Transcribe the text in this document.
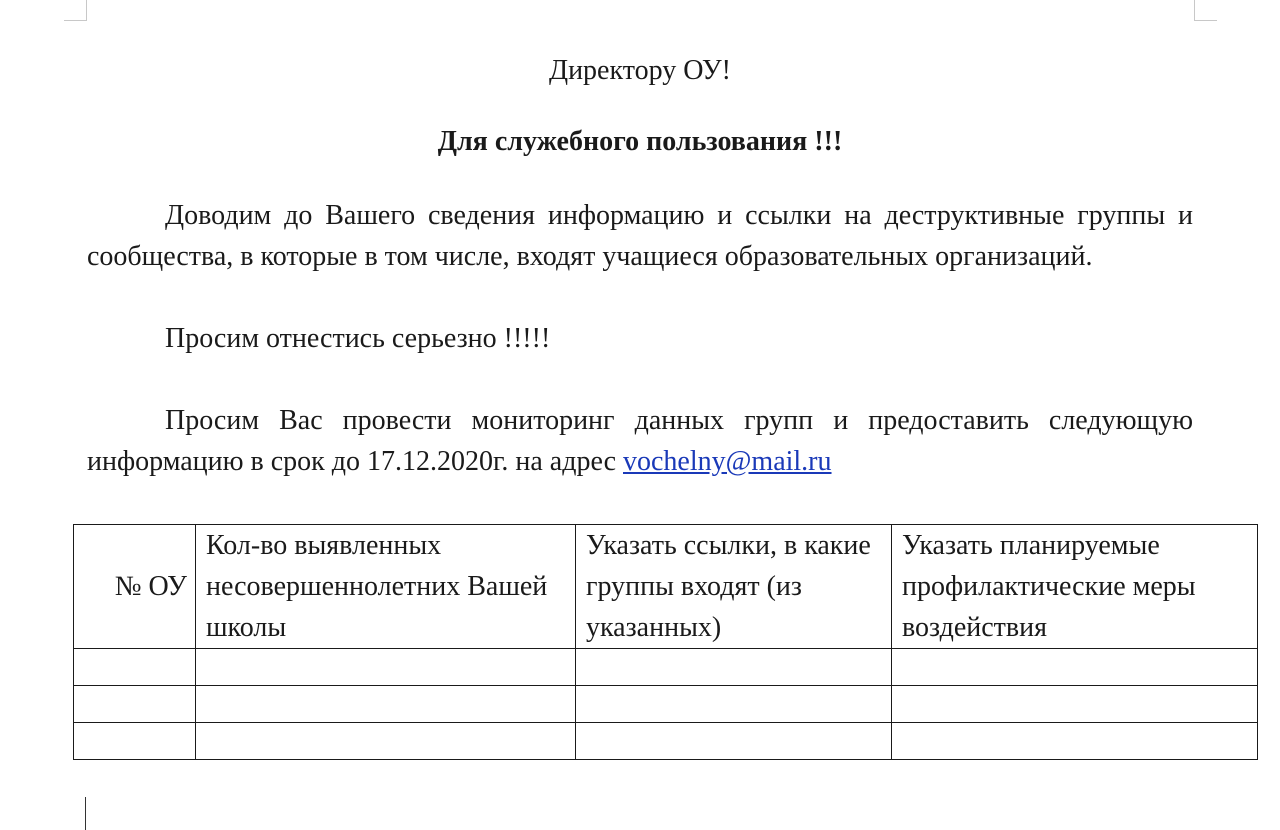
Директору ОУ!
Для служебного пользования !!!

Доводим до Вашего сведения информацию и ссылки на деструктивные группы и сообщества, в которые в том числе, входят учащиеся образовательных организаций.

Просим отнестись серьезно !!!!!

Просим Вас провести мониторинг данных групп и предоставить следующую информацию в срок до 17.12.2020г. на адрес vochelny@mail.ru

№ ОУ	Кол-во выявленных несовершеннолетних Вашей школы	Указать ссылки, в какие группы входят (из указанных)	Указать планируемые профилактические меры воздействия
